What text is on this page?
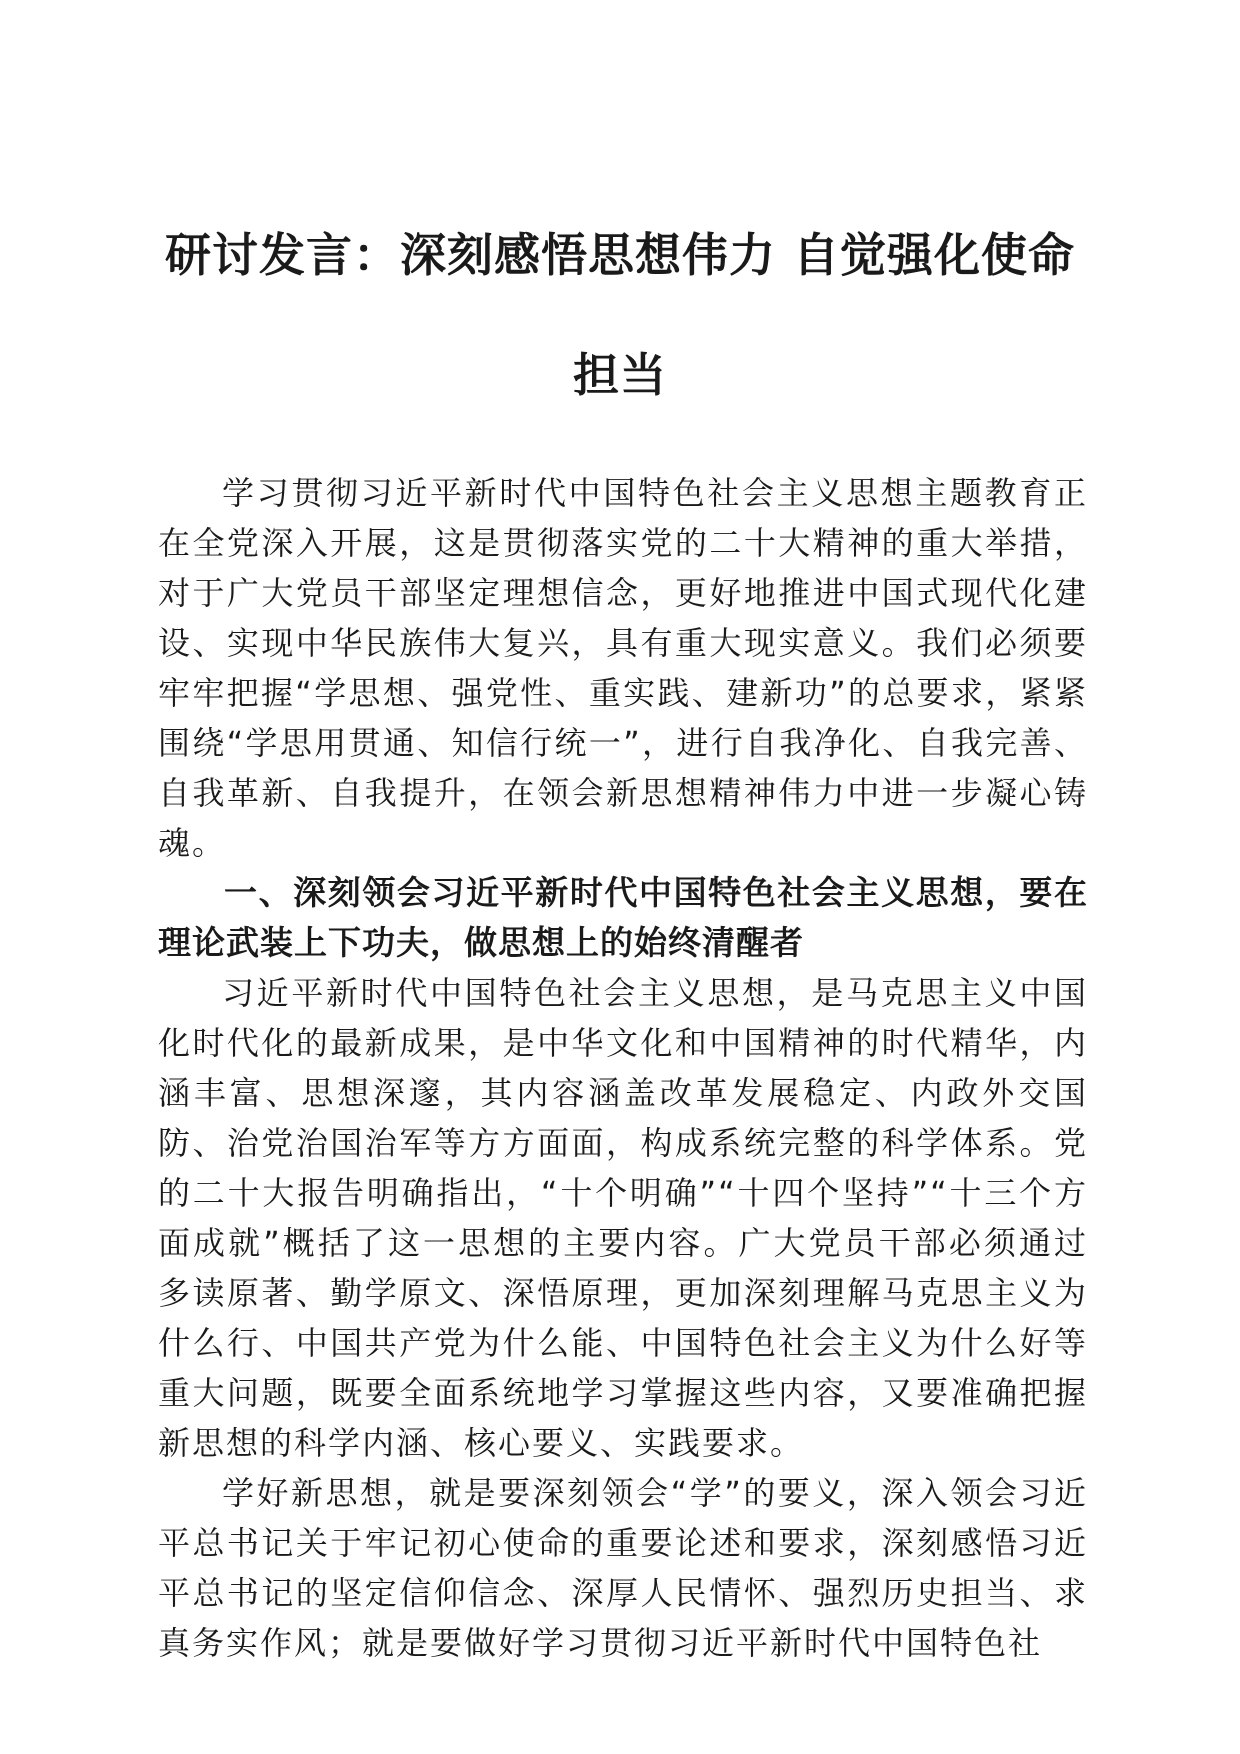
研讨发言：深刻感悟思想伟力 自觉强化使命
担当

学习贯彻习近平新时代中国特色社会主义思想主题教育正在全党深入开展，这是贯彻落实党的二十大精神的重大举措，对于广大党员干部坚定理想信念，更好地推进中国式现代化建设、实现中华民族伟大复兴，具有重大现实意义。我们必须要牢牢把握“学思想、强党性、重实践、建新功”的总要求，紧紧围绕“学思用贯通、知信行统一”，进行自我净化、自我完善、自我革新、自我提升，在领会新思想精神伟力中进一步凝心铸魂。

一、深刻领会习近平新时代中国特色社会主义思想，要在理论武装上下功夫，做思想上的始终清醒者

习近平新时代中国特色社会主义思想，是马克思主义中国化时代化的最新成果，是中华文化和中国精神的时代精华，内涵丰富、思想深邃，其内容涵盖改革发展稳定、内政外交国防、治党治国治军等方方面面，构成系统完整的科学体系。党的二十大报告明确指出，“十个明确”“十四个坚持”“十三个方面成就”概括了这一思想的主要内容。广大党员干部必须通过多读原著、勤学原文、深悟原理，更加深刻理解马克思主义为什么行、中国共产党为什么能、中国特色社会主义为什么好等重大问题，既要全面系统地学习掌握这些内容，又要准确把握新思想的科学内涵、核心要义、实践要求。

学好新思想，就是要深刻领会“学”的要义，深入领会习近平总书记关于牢记初心使命的重要论述和要求，深刻感悟习近平总书记的坚定信仰信念、深厚人民情怀、强烈历史担当、求真务实作风；就是要做好学习贯彻习近平新时代中国特色社
